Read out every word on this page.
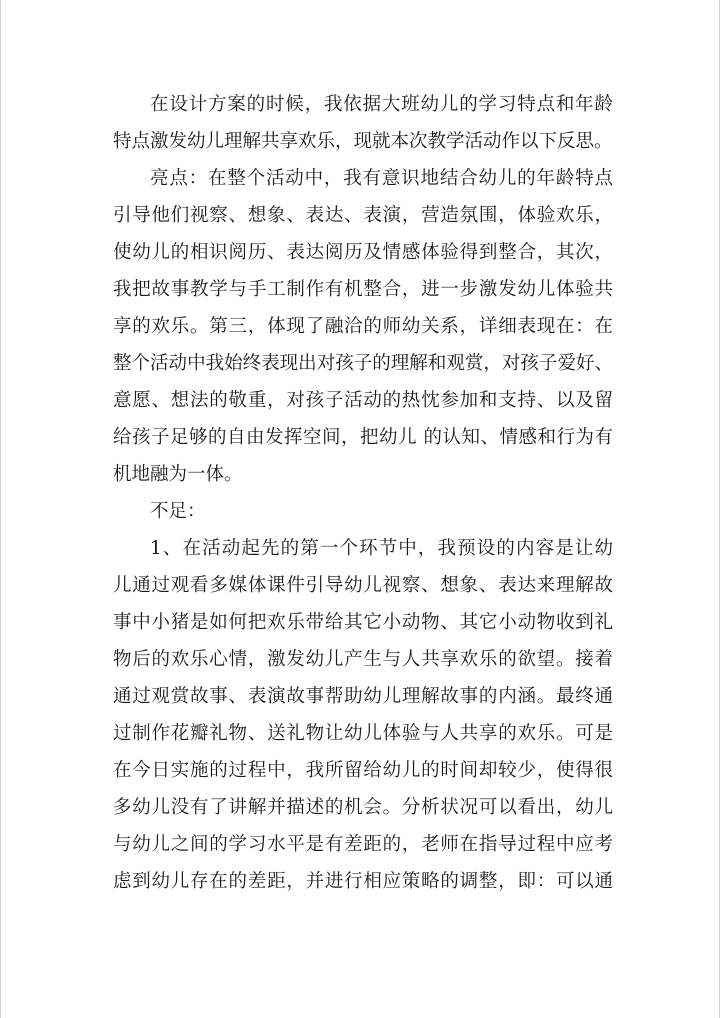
在设计方案的时候，我依据大班幼儿的学习特点和年龄
特点激发幼儿理解共享欢乐，现就本次教学活动作以下反思。
亮点：在整个活动中，我有意识地结合幼儿的年龄特点
引导他们视察、想象、表达、表演，营造氛围，体验欢乐，
使幼儿的相识阅历、表达阅历及情感体验得到整合，其次，
我把故事教学与手工制作有机整合，进一步激发幼儿体验共
享的欢乐。第三，体现了融洽的师幼关系，详细表现在：在
整个活动中我始终表现出对孩子的理解和观赏，对孩子爱好、
意愿、想法的敬重，对孩子活动的热忱参加和支持、以及留
给孩子足够的自由发挥空间，把幼儿 的认知、情感和行为有
机地融为一体。
不足：
1、在活动起先的第一个环节中，我预设的内容是让幼
儿通过观看多媒体课件引导幼儿视察、想象、表达来理解故
事中小猪是如何把欢乐带给其它小动物、其它小动物收到礼
物后的欢乐心情，激发幼儿产生与人共享欢乐的欲望。接着
通过观赏故事、表演故事帮助幼儿理解故事的内涵。最终通
过制作花瓣礼物、送礼物让幼儿体验与人共享的欢乐。可是
在今日实施的过程中，我所留给幼儿的时间却较少，使得很
多幼儿没有了讲解并描述的机会。分析状况可以看出，幼儿
与幼儿之间的学习水平是有差距的，老师在指导过程中应考
虑到幼儿存在的差距，并进行相应策略的调整，即：可以通
